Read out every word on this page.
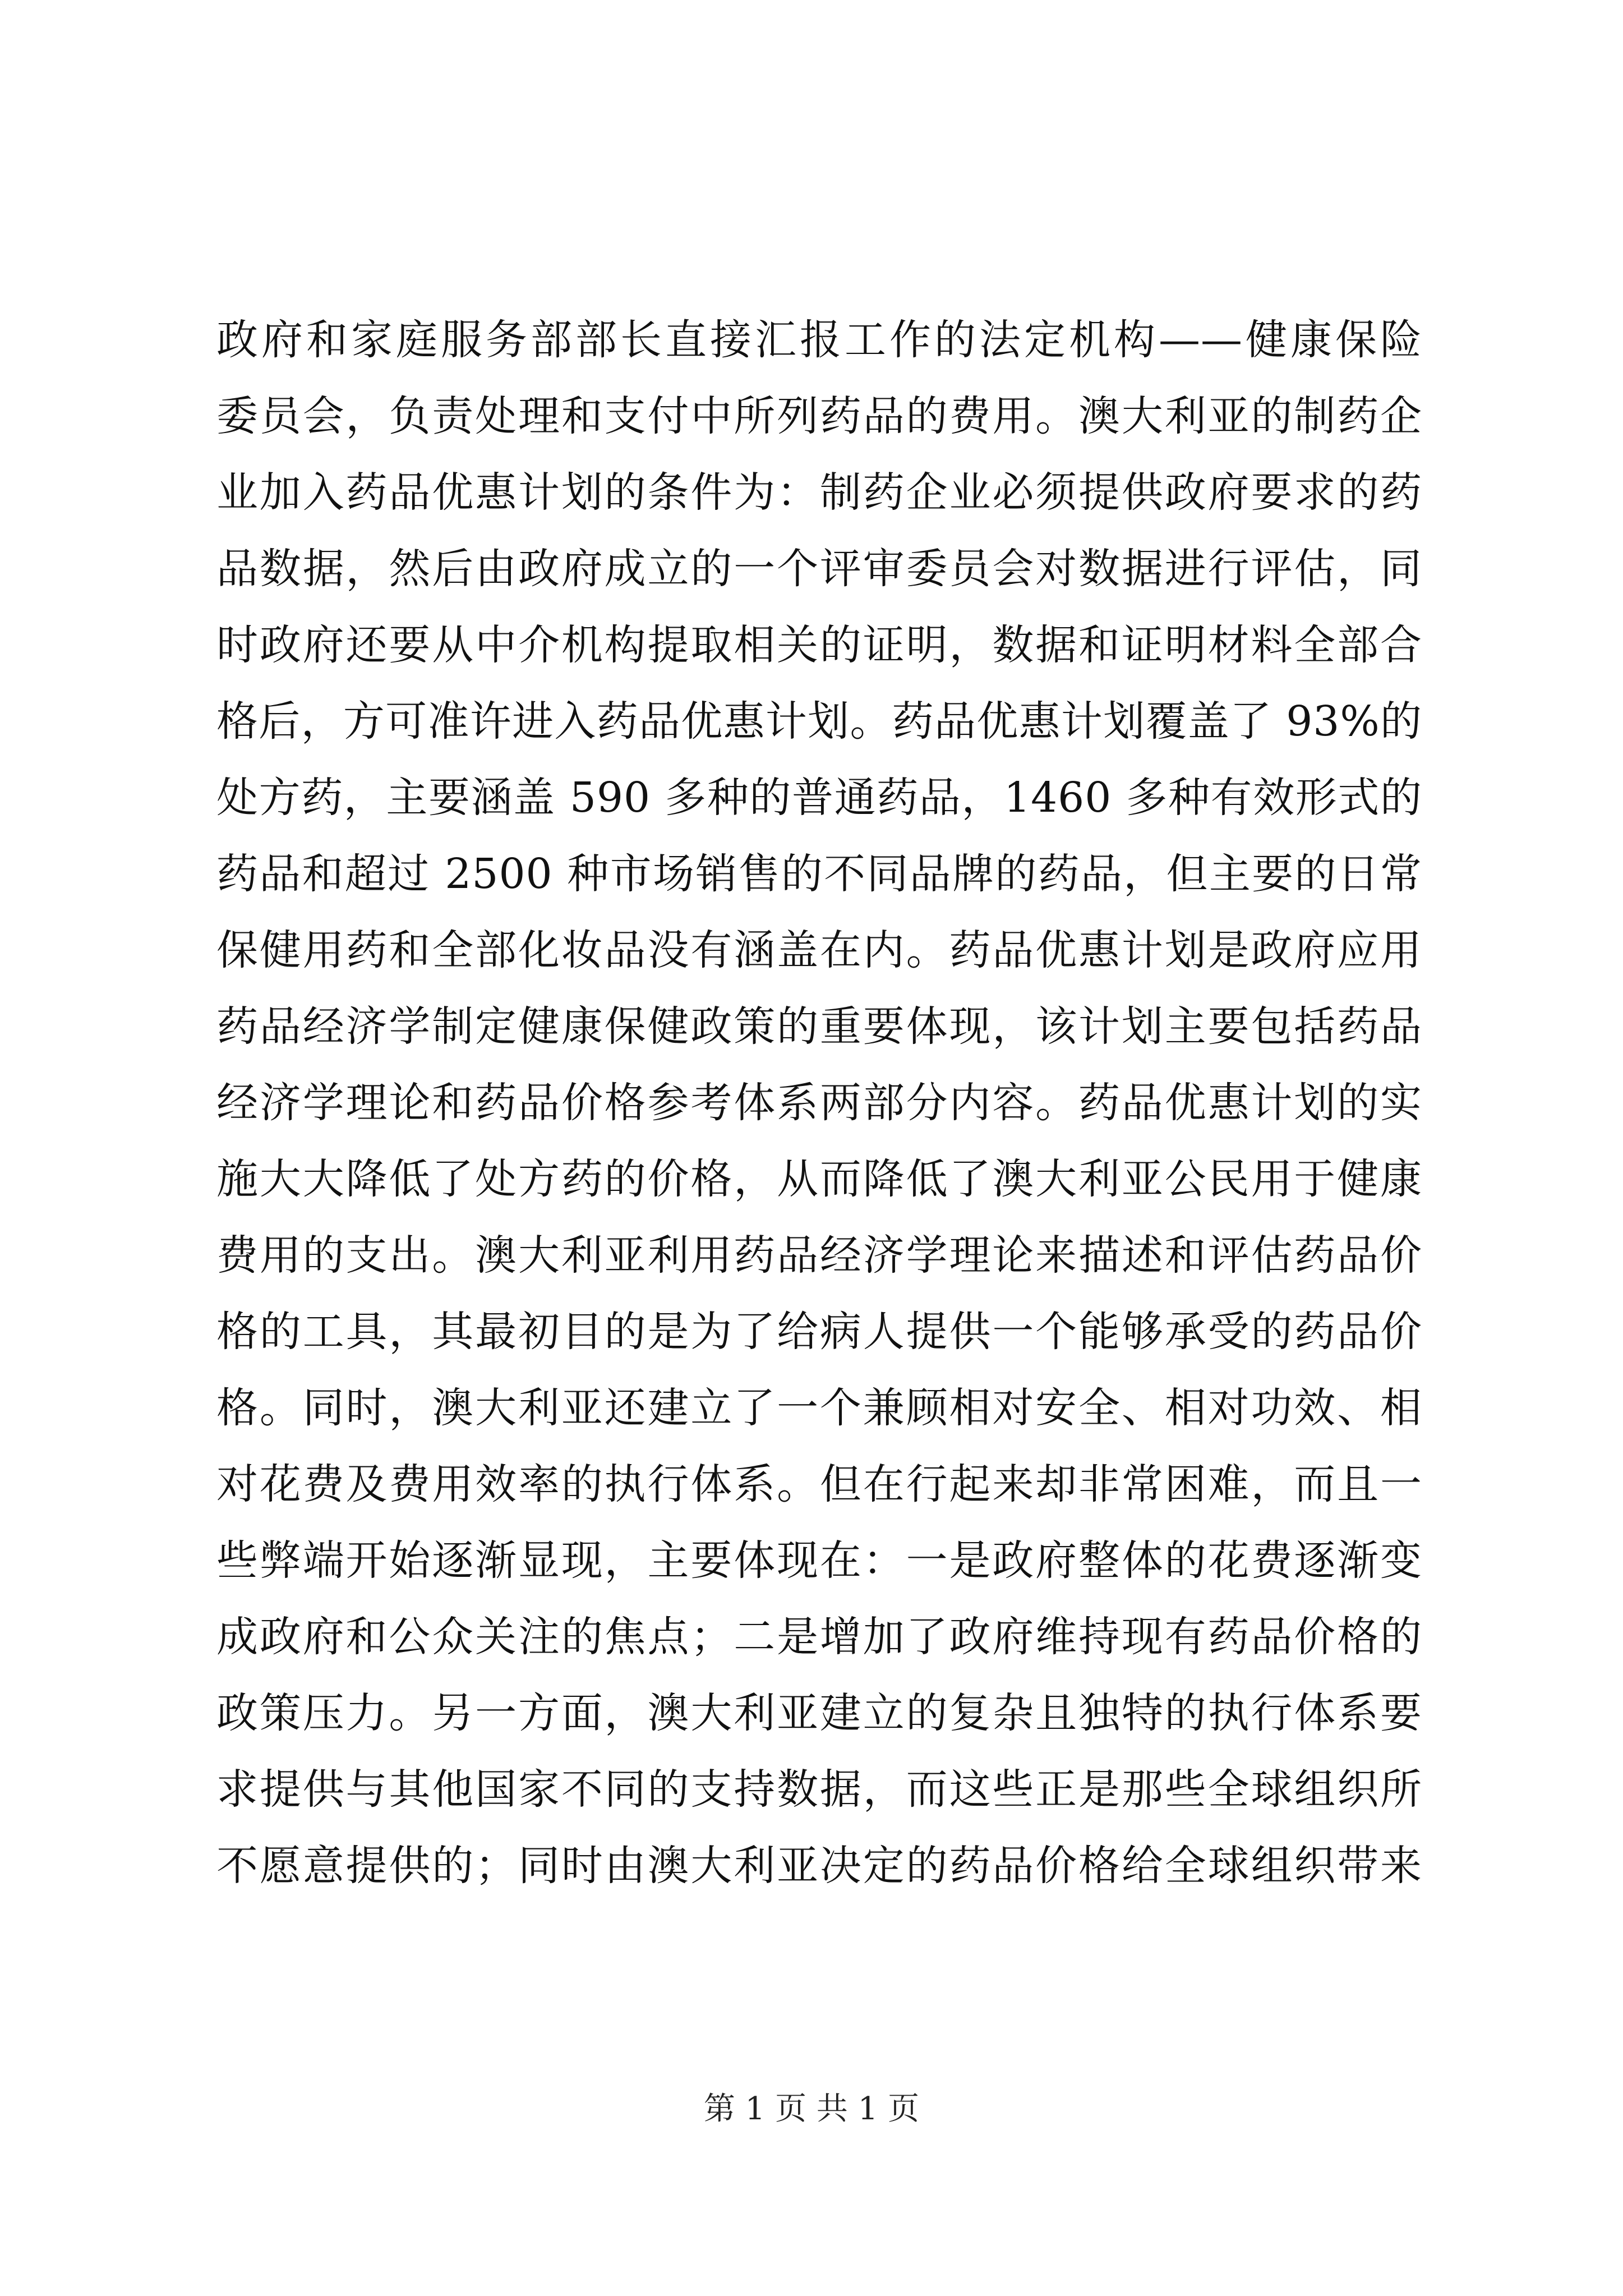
政府和家庭服务部部长直接汇报工作的法定机构——健康保险
委员会，负责处理和支付中所列药品的费用。澳大利亚的制药企
业加入药品优惠计划的条件为：制药企业必须提供政府要求的药
品数据，然后由政府成立的一个评审委员会对数据进行评估，同
时政府还要从中介机构提取相关的证明，数据和证明材料全部合
格后，方可准许进入药品优惠计划。药品优惠计划覆盖了 93%的
处方药，主要涵盖 590 多种的普通药品，1460 多种有效形式的
药品和超过 2500 种市场销售的不同品牌的药品，但主要的日常
保健用药和全部化妆品没有涵盖在内。药品优惠计划是政府应用
药品经济学制定健康保健政策的重要体现，该计划主要包括药品
经济学理论和药品价格参考体系两部分内容。药品优惠计划的实
施大大降低了处方药的价格，从而降低了澳大利亚公民用于健康
费用的支出。澳大利亚利用药品经济学理论来描述和评估药品价
格的工具，其最初目的是为了给病人提供一个能够承受的药品价
格。同时，澳大利亚还建立了一个兼顾相对安全、相对功效、相
对花费及费用效率的执行体系。但在行起来却非常困难，而且一
些弊端开始逐渐显现，主要体现在：一是政府整体的花费逐渐变
成政府和公众关注的焦点；二是增加了政府维持现有药品价格的
政策压力。另一方面，澳大利亚建立的复杂且独特的执行体系要
求提供与其他国家不同的支持数据，而这些正是那些全球组织所
不愿意提供的；同时由澳大利亚决定的药品价格给全球组织带来
第 1 页 共 1 页
